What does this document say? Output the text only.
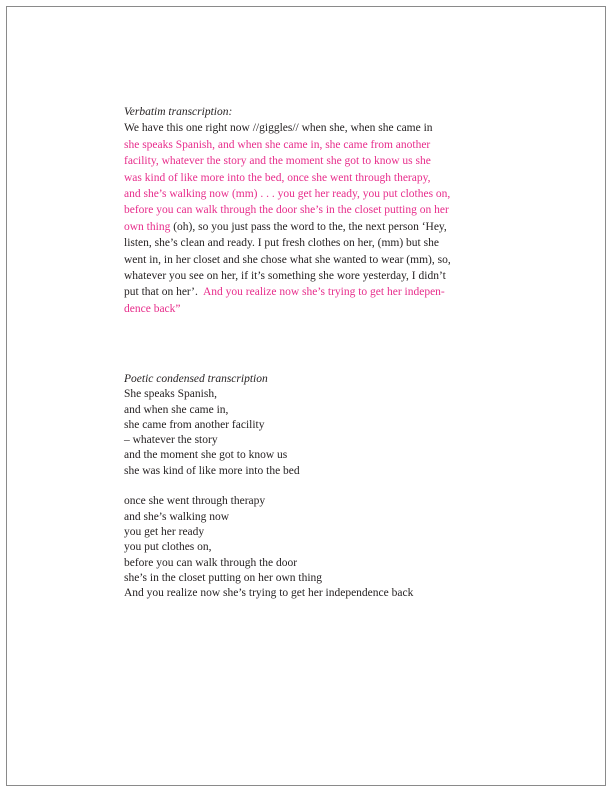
Verbatim transcription:
We have this one right now //giggles// when she, when she came in
she speaks Spanish, and when she came in, she came from another
facility, whatever the story and the moment she got to know us she
was kind of like more into the bed, once she went through therapy,
and she’s walking now (mm) . . . you get her ready, you put clothes on,
before you can walk through the door she’s in the closet putting on her
own thing (oh), so you just pass the word to the, the next person ‘Hey,
listen, she’s clean and ready. I put fresh clothes on her, (mm) but she
went in, in her closet and she chose what she wanted to wear (mm), so,
whatever you see on her, if it’s something she wore yesterday, I didn’t
put that on her’.  And you realize now she’s trying to get her indepen-
dence back”
Poetic condensed transcription
She speaks Spanish,
and when she came in,
she came from another facility
– whatever the story
and the moment she got to know us
she was kind of like more into the bed
once she went through therapy
and she’s walking now
you get her ready
you put clothes on,
before you can walk through the door
she’s in the closet putting on her own thing
And you realize now she’s trying to get her independence back
